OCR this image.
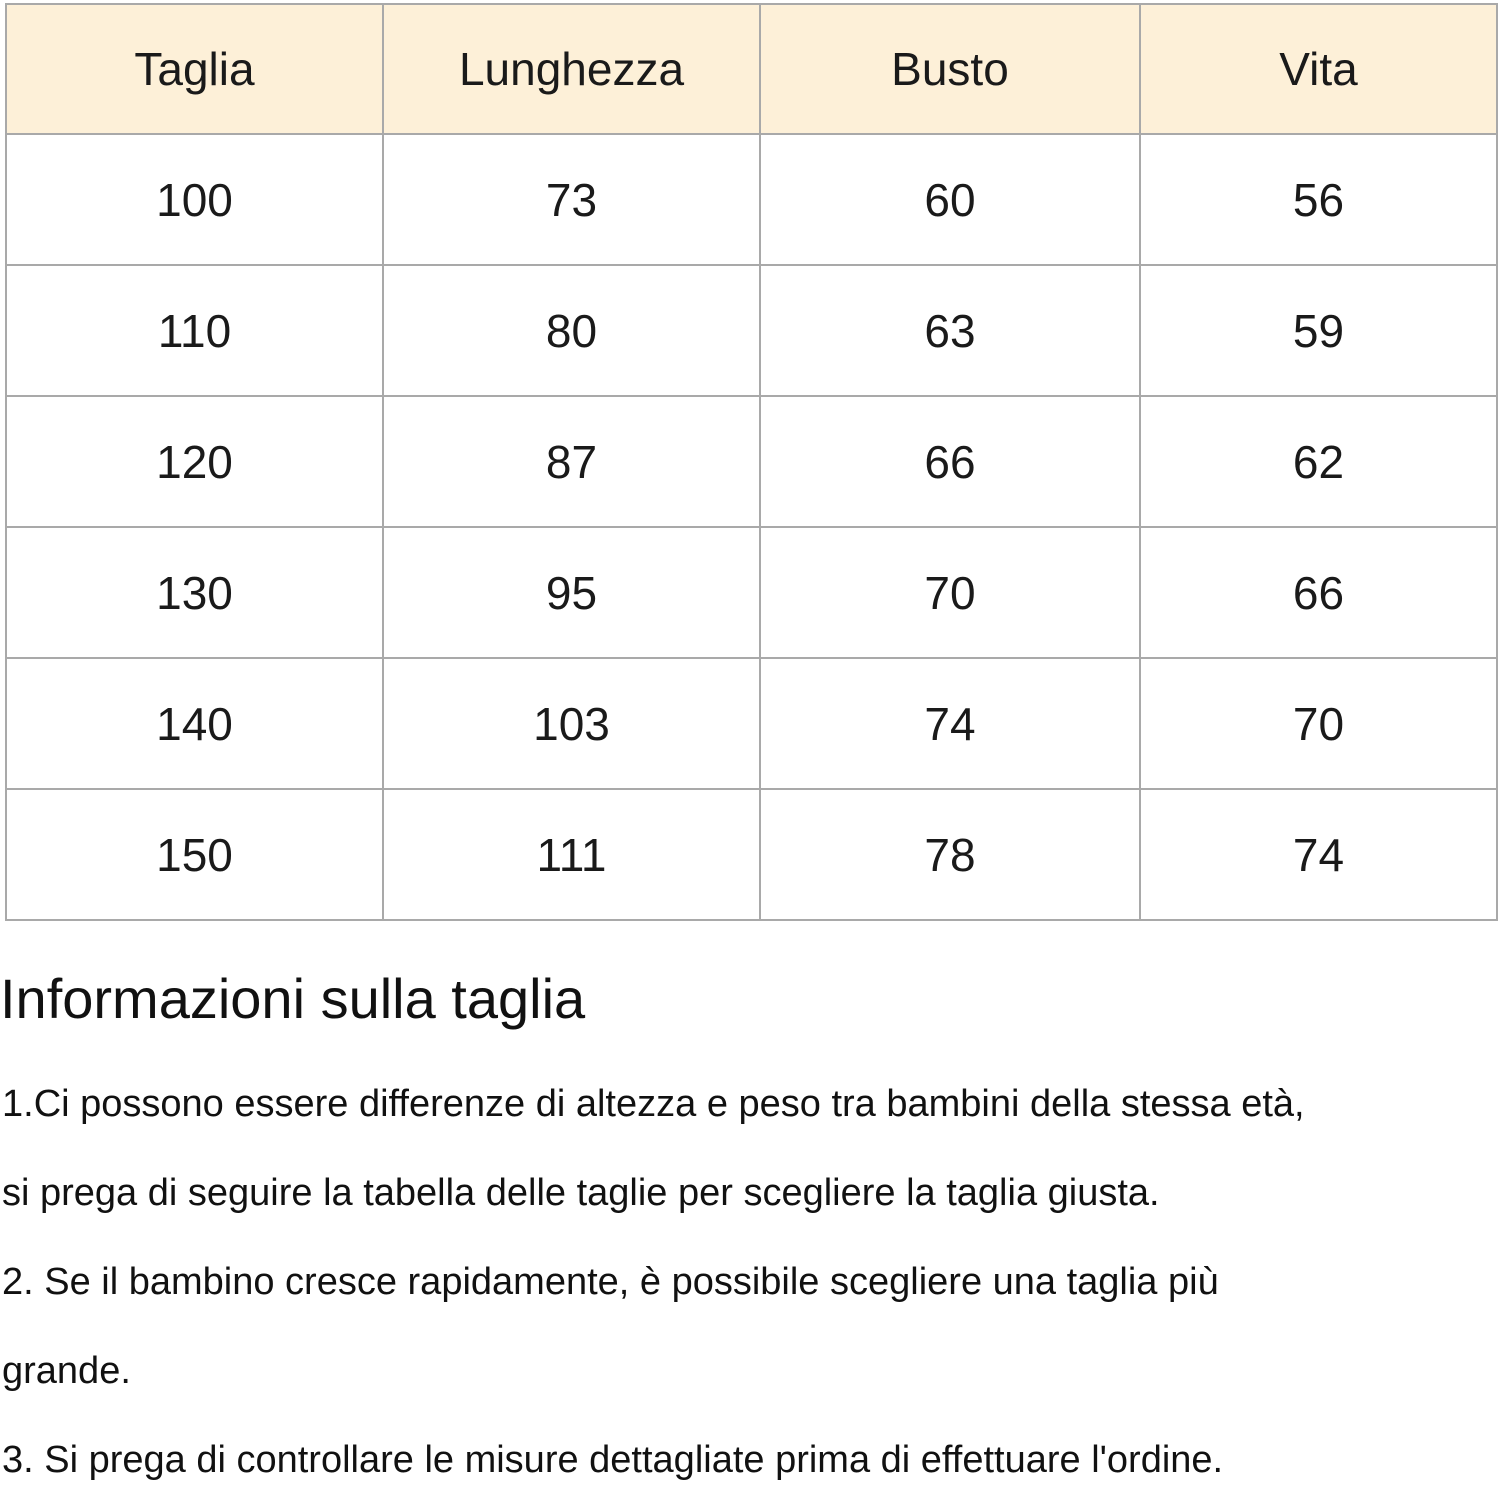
Taglia	Lunghezza	Busto	Vita
100	73	60	56
110	80	63	59
120	87	66	62
130	95	70	66
140	103	74	70
150	111	78	74
Informazioni sulla taglia

1.Ci possono essere differenze di altezza e peso tra bambini della stessa età,

si prega di seguire la tabella delle taglie per scegliere la taglia giusta.

2. Se il bambino cresce rapidamente, è possibile scegliere una taglia più

grande.

3. Si prega di controllare le misure dettagliate prima di effettuare l'ordine.
